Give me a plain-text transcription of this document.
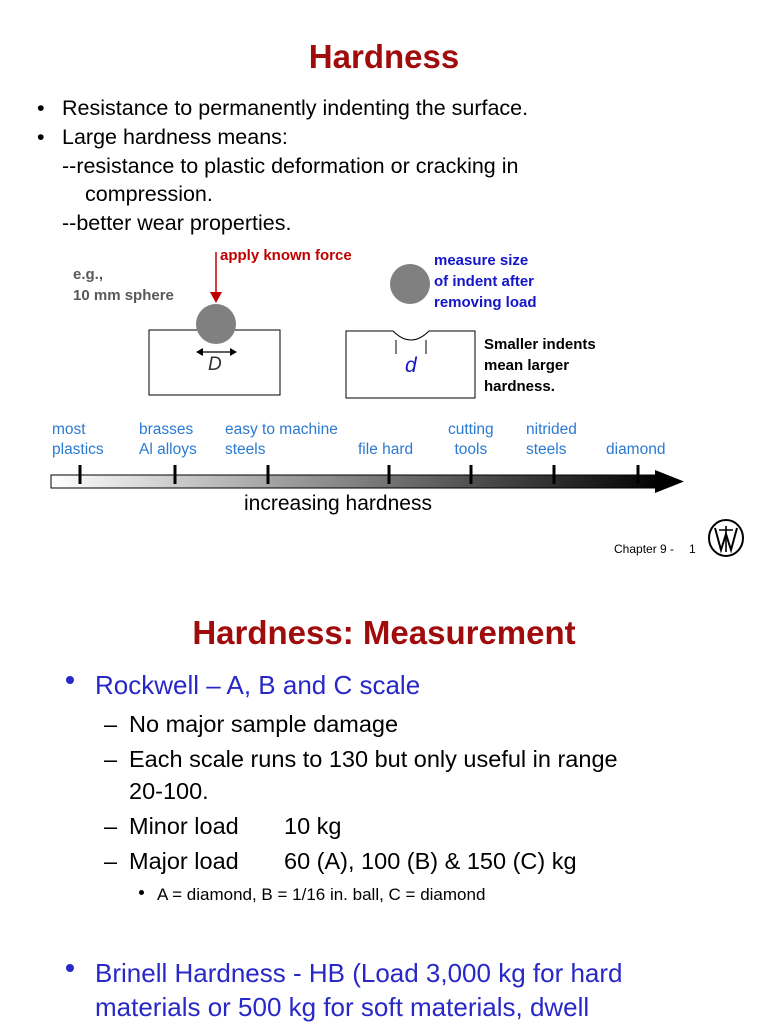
Hardness
• Resistance to permanently indenting the surface.
• Large hardness means:
--resistance to plastic deformation or cracking in
compression.
--better wear properties.
e.g.,
10 mm sphere
apply known force
D	d
measure size
of indent after
removing load
Smaller indents
mean larger
hardness.
most
plastics
brasses
Al alloys
easy to machine
steels
	file hard
cutting
tools
nitrided
steels
	diamond
increasing hardness
Chapter 9 - 1
Hardness: Measurement
Rockwell – A, B and C scale
– No major sample damage
– Each scale runs to 130 but only useful in range
20-100.
– Minor load 10 kg
– Major load 60 (A), 100 (B) & 150 (C) kg
A = diamond, B = 1/16 in. ball, C = diamond
Brinell Hardness - HB (Load 3,000 kg for hard
materials or 500 kg for soft materials, dwell
